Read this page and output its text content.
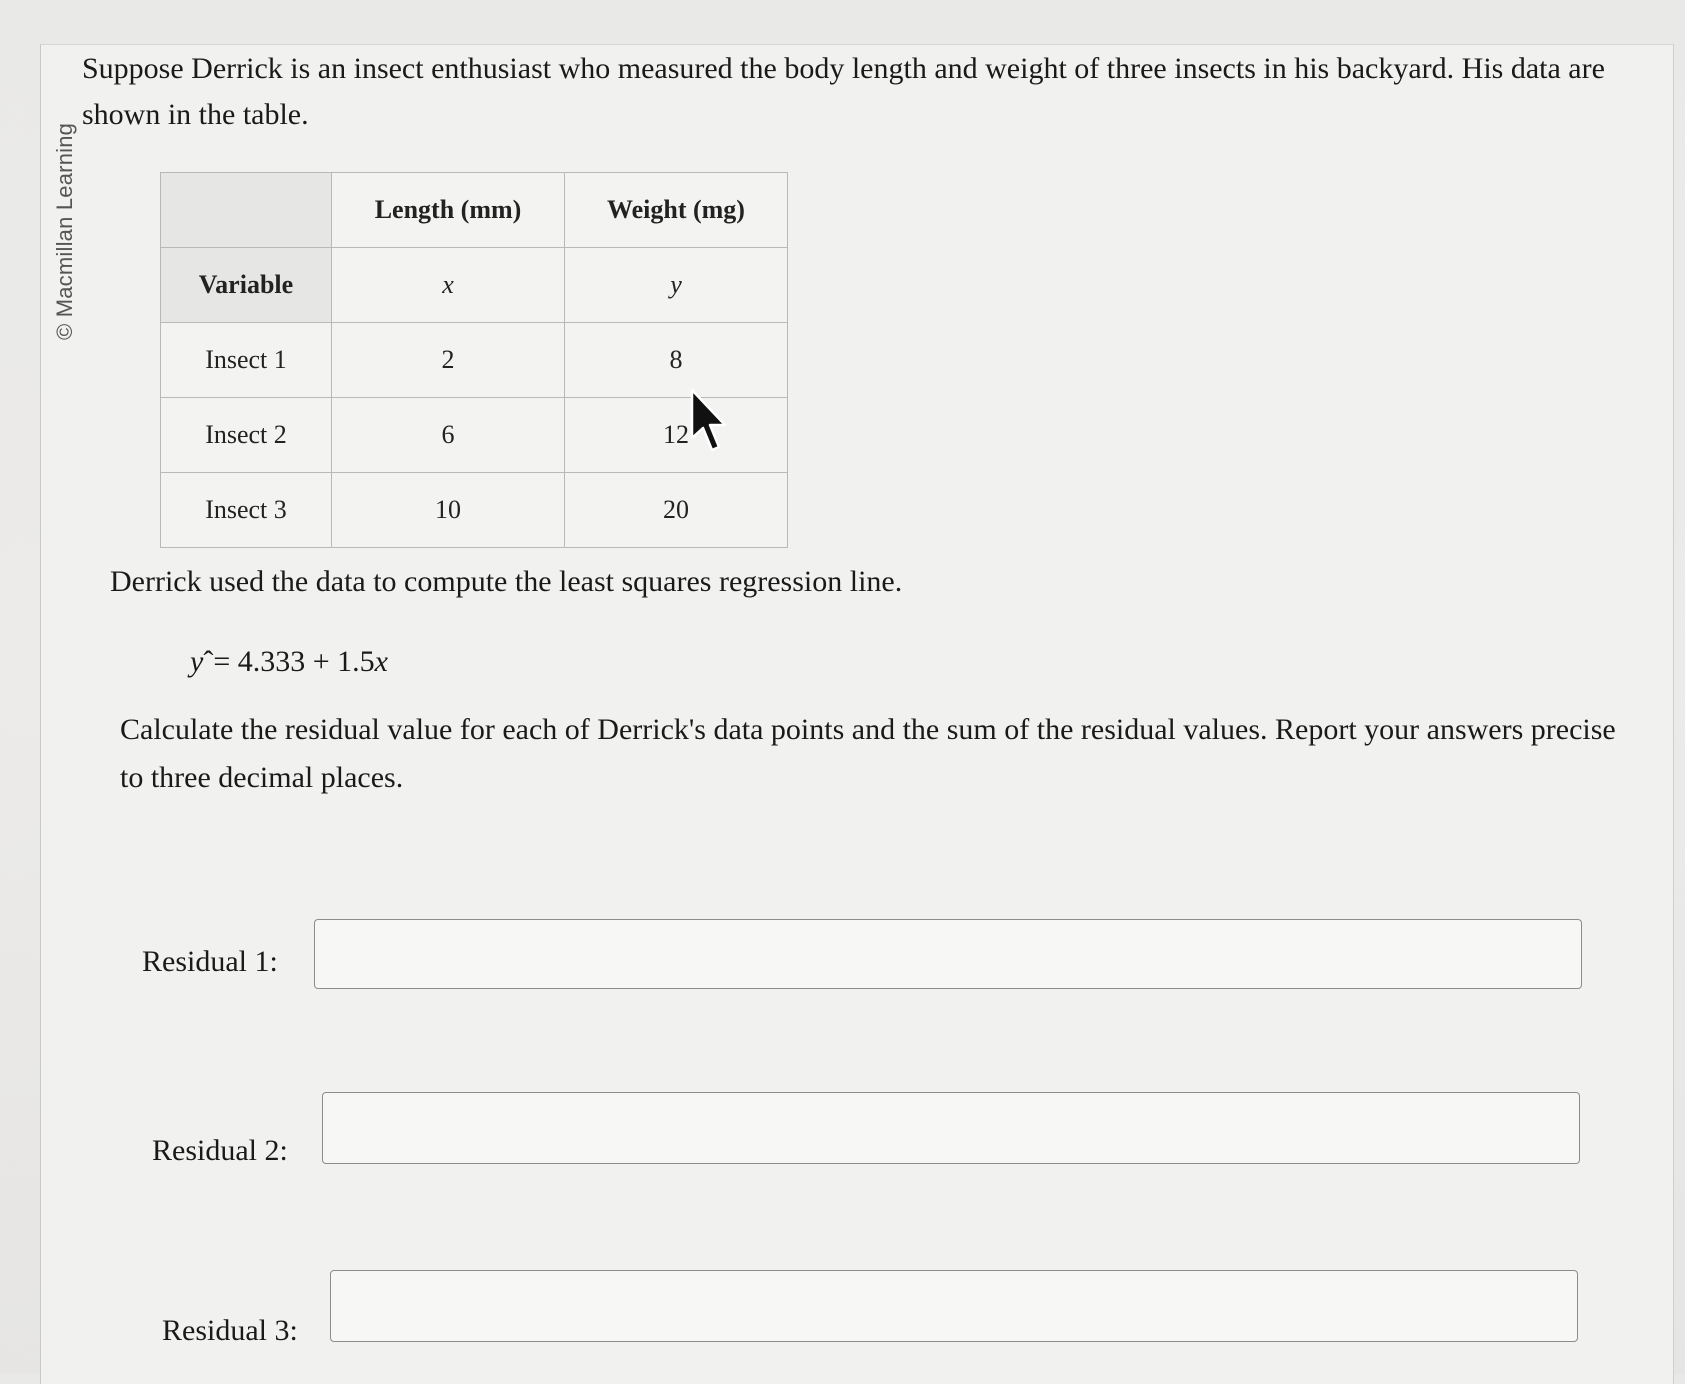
© Macmillan Learning
Suppose Derrick is an insect enthusiast who measured the body length and weight of three insects in his backyard. His data are shown in the table.
	Length (mm)	Weight (mg)
Variable	x	y
Insect 1	2	8
Insect 2	6	12
Insect 3	10	20
Derrick used the data to compute the least squares regression line.
yˆ= 4.333 + 1.5x
Calculate the residual value for each of Derrick's data points and the sum of the residual values. Report your answers precise to three decimal places.
Residual 1:
Residual 2:
Residual 3:
